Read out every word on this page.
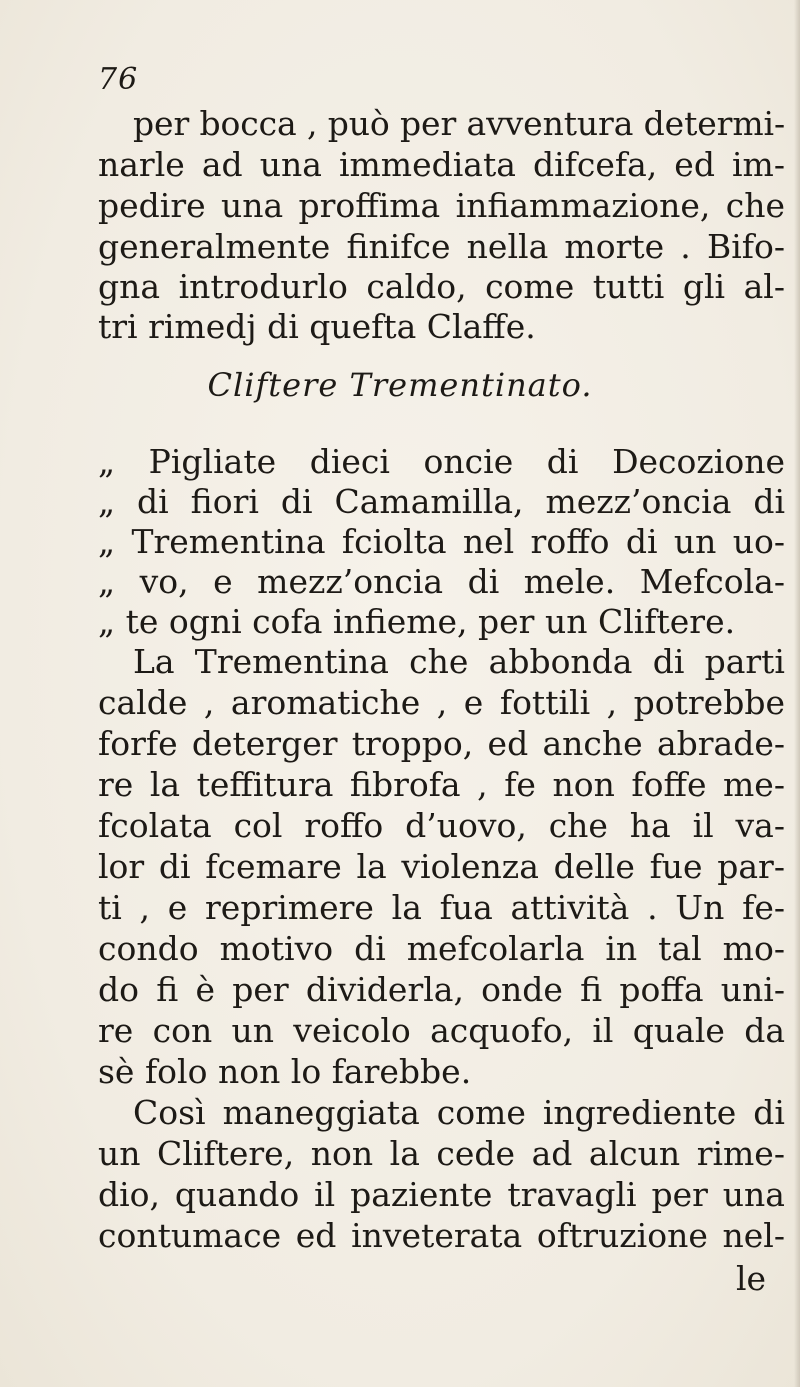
76
per bocca , può per avventura determi-
narle ad una immediata difcefa, ed im-
pedire una proffima infiammazione, che
generalmente finifce nella morte . Bifo-
gna introdurlo caldo, come tutti gli al-
tri rimedj di quefta Claffe.
Cliftere Trementinato.
„ Pigliate dieci oncie di Decozione
„ di fiori di Camamilla, mezz’oncia di
„ Trementina fciolta nel roffo di un uo-
„ vo, e mezz’oncia di mele. Mefcola-
„ te ogni cofa infieme, per un Cliftere.
La Trementina che abbonda di parti
calde , aromatiche , e fottili , potrebbe
forfe deterger troppo, ed anche abrade-
re la teffitura fibrofa , fe non foffe me-
fcolata col roffo d’uovo, che ha il va-
lor di fcemare la violenza delle fue par-
ti , e reprimere la fua attività . Un fe-
condo motivo di mefcolarla in tal mo-
do fi è per dividerla, onde fi poffa uni-
re con un veicolo acquofo, il quale da
sè folo non lo farebbe.
Così maneggiata come ingrediente di
un Cliftere, non la cede ad alcun rime-
dio, quando il paziente travagli per una
contumace ed inveterata oftruzione nel-
le
